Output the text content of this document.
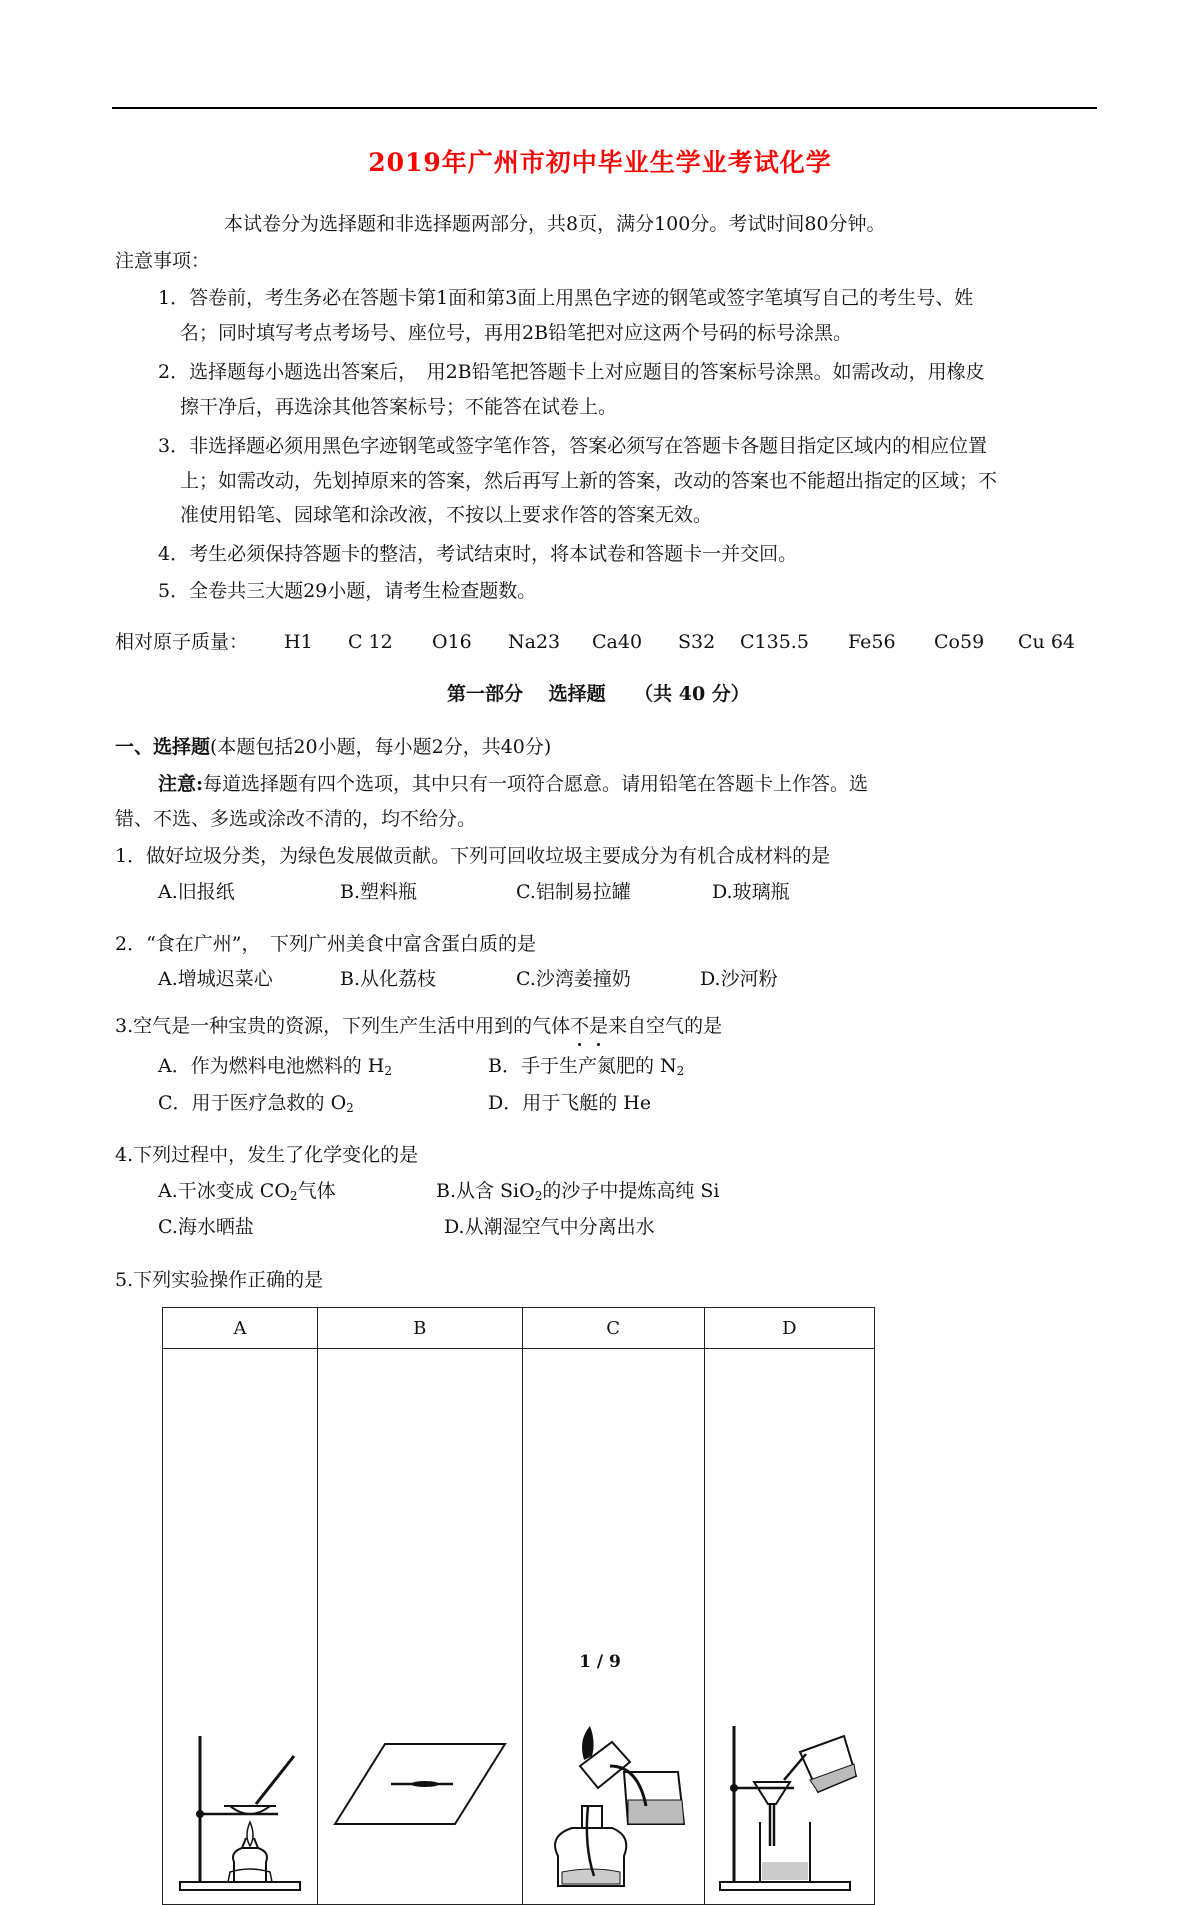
2019年广州市初中毕业生学业考试化学
本试卷分为选择题和非选择题两部分，共8页，满分100分。考试时间80分钟。
注意事项：
1．答卷前，考生务必在答题卡第1面和第3面上用黑色字迹的钢笔或签字笔填写自己的考生号、姓
名；同时填写考点考场号、座位号，再用2B铅笔把对应这两个号码的标号涂黑。
2．选择题每小题选出答案后，　用2B铅笔把答题卡上对应题目的答案标号涂黑。如需改动，用橡皮
擦干净后，再选涂其他答案标号；不能答在试卷上。
3．非选择题必须用黑色字迹钢笔或签字笔作答，答案必须写在答题卡各题目指定区域内的相应位置
上；如需改动，先划掉原来的答案，然后再写上新的答案，改动的答案也不能超出指定的区域；不
准使用铅笔、园球笔和涂改液，不按以上要求作答的答案无效。
4．考生必须保持答题卡的整洁，考试结束时，将本试卷和答题卡一并交回。
5．全卷共三大题29小题，请考生检查题数。
相对原子质量： H1 C 12 O16 Na23 Ca40 S32 C135.5 Fe56 Co59 Cu 64
第一部分　 选择题　　（共 40 分）
一、选择题(本题包括20小题，每小题2分，共40分)
注意:每道选择题有四个选项，其中只有一项符合愿意。请用铅笔在答题卡上作答。选
错、不选、多选或涂改不清的，均不给分。
1．做好垃圾分类，为绿色发展做贡献。下列可回收垃圾主要成分为有机合成材料的是
A.旧报纸	B.塑料瓶	C.铝制易拉罐	D.玻璃瓶
2．“食在广州”，　下列广州美食中富含蛋白质的是
A.增城迟菜心	B.从化荔枝	C.沙湾姜撞奶	D.沙河粉
3.空气是一种宝贵的资源，下列生产生活中用到的气体不是来自空气的是
A．作为燃料电池燃料的 $H_2$	B．手于生产氮肥的 $N_2$
C．用于医疗急救的 $O_2$	D．用于飞艇的 He
4.下列过程中，发生了化学变化的是
A.干冰变成 $CO_2$气体	B.从含 SiO$_2$的沙子中提炼高纯 Si
C.海水晒盐	D.从潮湿空气中分离出水
5.下列实验操作正确的是
A	B	C	D

1 / 9
